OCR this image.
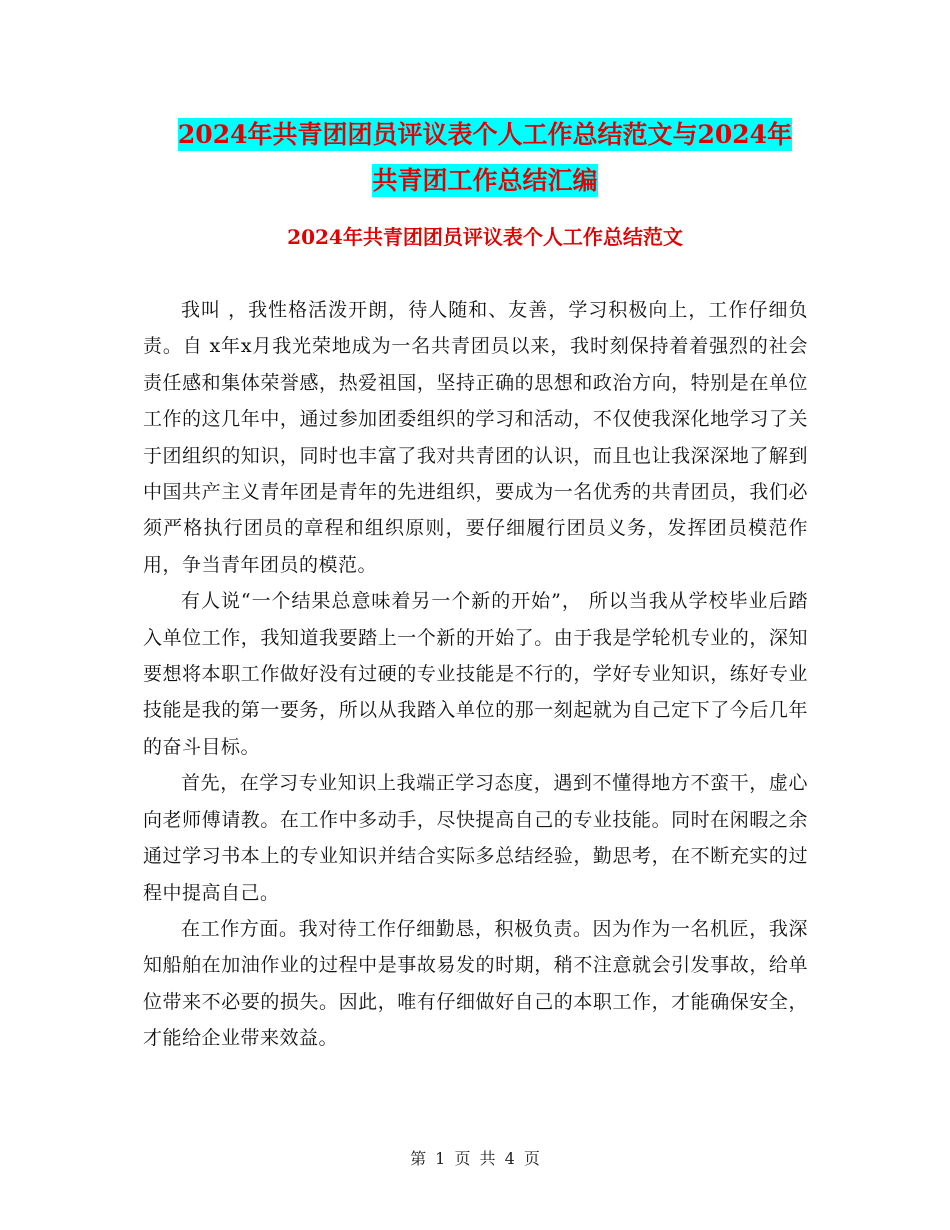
2024年共青团团员评议表个人工作总结范文与2024年
共青团工作总结汇编
2024年共青团团员评议表个人工作总结范文

我叫 ，我性格活泼开朗，待人随和、友善，学习积极向上，工作仔细负责。自 x年x月我光荣地成为一名共青团员以来，我时刻保持着着强烈的社会责任感和集体荣誉感，热爱祖国，坚持正确的思想和政治方向，特别是在单位工作的这几年中，通过参加团委组织的学习和活动，不仅使我深化地学习了关于团组织的知识，同时也丰富了我对共青团的认识，而且也让我深深地了解到中国共产主义青年团是青年的先进组织，要成为一名优秀的共青团员，我们必须严格执行团员的章程和组织原则，要仔细履行团员义务，发挥团员模范作用，争当青年团员的模范。

有人说“一个结果总意味着另一个新的开始”， 所以当我从学校毕业后踏入单位工作，我知道我要踏上一个新的开始了。由于我是学轮机专业的，深知要想将本职工作做好没有过硬的专业技能是不行的，学好专业知识，练好专业技能是我的第一要务，所以从我踏入单位的那一刻起就为自己定下了今后几年的奋斗目标。

首先，在学习专业知识上我端正学习态度，遇到不懂得地方不蛮干，虚心向老师傅请教。在工作中多动手，尽快提高自己的专业技能。同时在闲暇之余通过学习书本上的专业知识并结合实际多总结经验，勤思考，在不断充实的过程中提高自己。

在工作方面。我对待工作仔细勤恳，积极负责。因为作为一名机匠，我深知船舶在加油作业的过程中是事故易发的时期，稍不注意就会引发事故，给单位带来不必要的损失。因此，唯有仔细做好自己的本职工作，才能确保安全，才能给企业带来效益。

第 1 页 共 4 页
